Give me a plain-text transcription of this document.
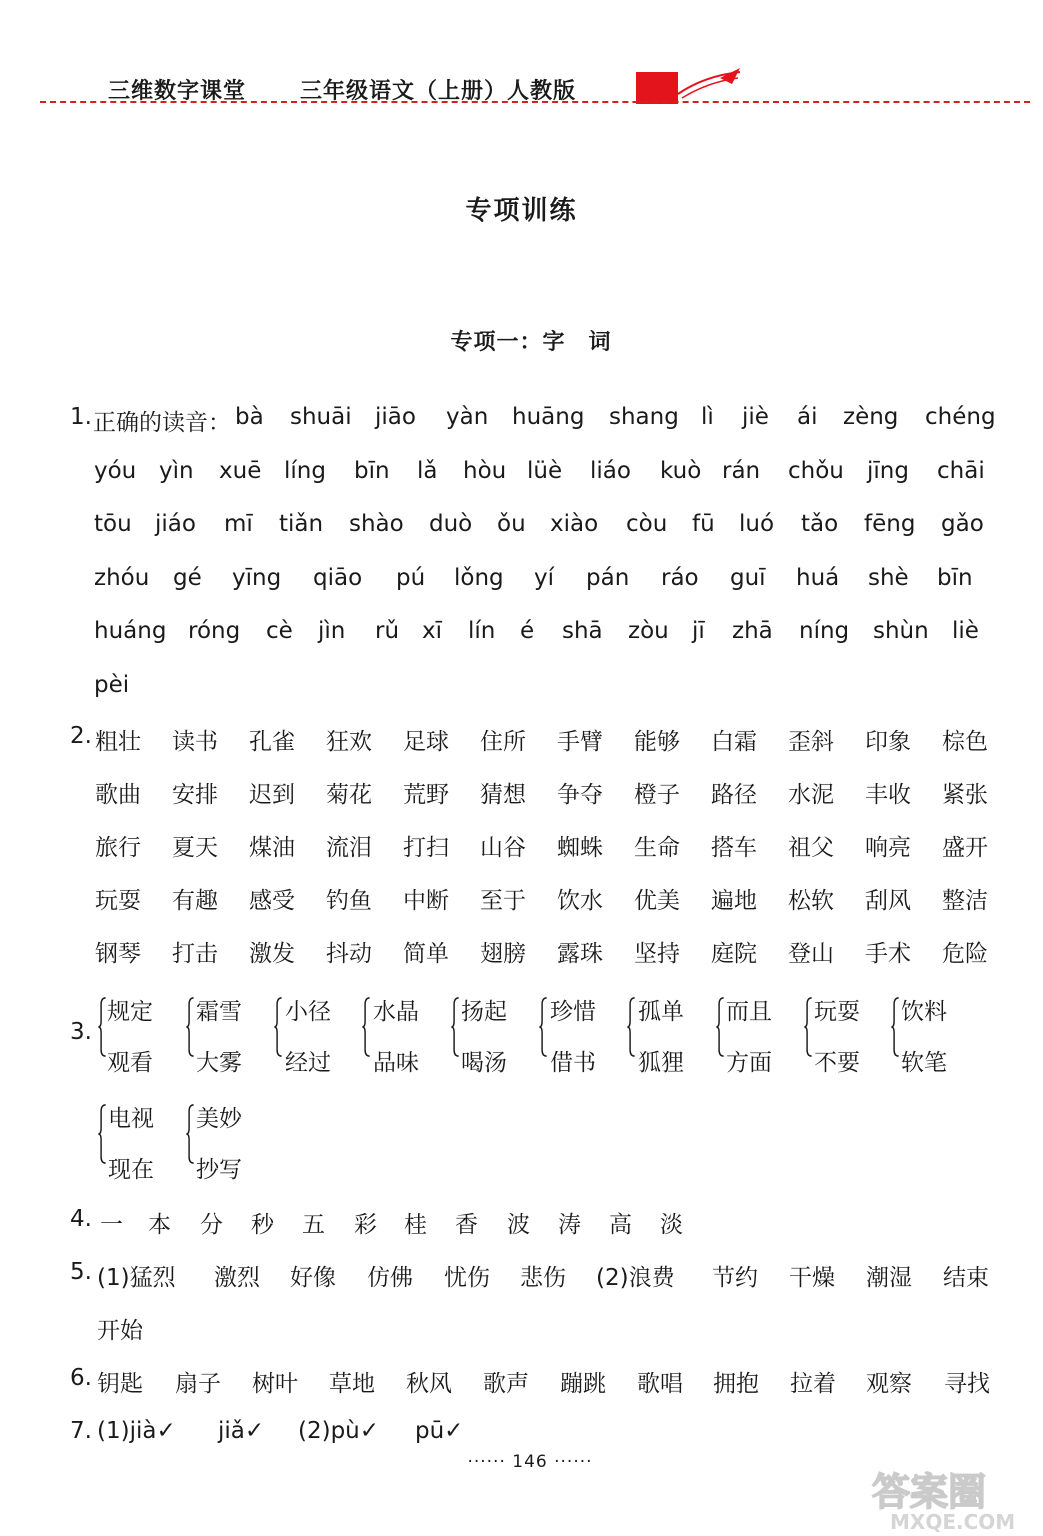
三维数字课堂 三年级语文（上册）人教版
专项训练
专项一：字　词
1. 正确的读音： bà shuāi jiāo yàn huāng shang lì jiè ái zèng chéng
yóu yìn xuē líng bīn lǎ hòu lüè liáo kuò rán chǒu jīng chāi
tōu jiáo mī tiǎn shào duò ǒu xiào còu fū luó tǎo fēng gǎo
zhóu gé yīng qiāo pú lǒng yí pán ráo guī huá shè bīn
huáng róng cè jìn rǔ xī lín é shā zòu jī zhā níng shùn liè
pèi
2. 粗壮 读书 孔雀 狂欢 足球 住所 手臂 能够 白霜 歪斜 印象 棕色
歌曲 安排 迟到 菊花 荒野 猜想 争夺 橙子 路径 水泥 丰收 紧张
旅行 夏天 煤油 流泪 打扫 山谷 蜘蛛 生命 搭车 祖父 响亮 盛开
玩耍 有趣 感受 钓鱼 中断 至于 饮水 优美 遍地 松软 刮风 整洁
钢琴 打击 激发 抖动 简单 翅膀 露珠 坚持 庭院 登山 手术 危险
3.
规定
观看
霜雪
大雾
小径
经过
水晶
品味
扬起
喝汤
珍惜
借书
孤单
狐狸
而且
方面
玩耍
不要
饮料
软笔
电视
现在
美妙
抄写
4. 一 本 分 秒 五 彩 桂 香 波 涛 高 淡
5. (1)猛烈 激烈 好像 仿佛 忧伤 悲伤 (2)浪费 节约 干燥 潮湿 结束
开始
6. 钥匙 扇子 树叶 草地 秋风 歌声 蹦跳 歌唱 拥抱 拉着 观察 寻找
7. (1)jià✓ jiǎ✓ (2)pù✓ pū✓
······ 146 ······
答案圈
MXQE.COM
